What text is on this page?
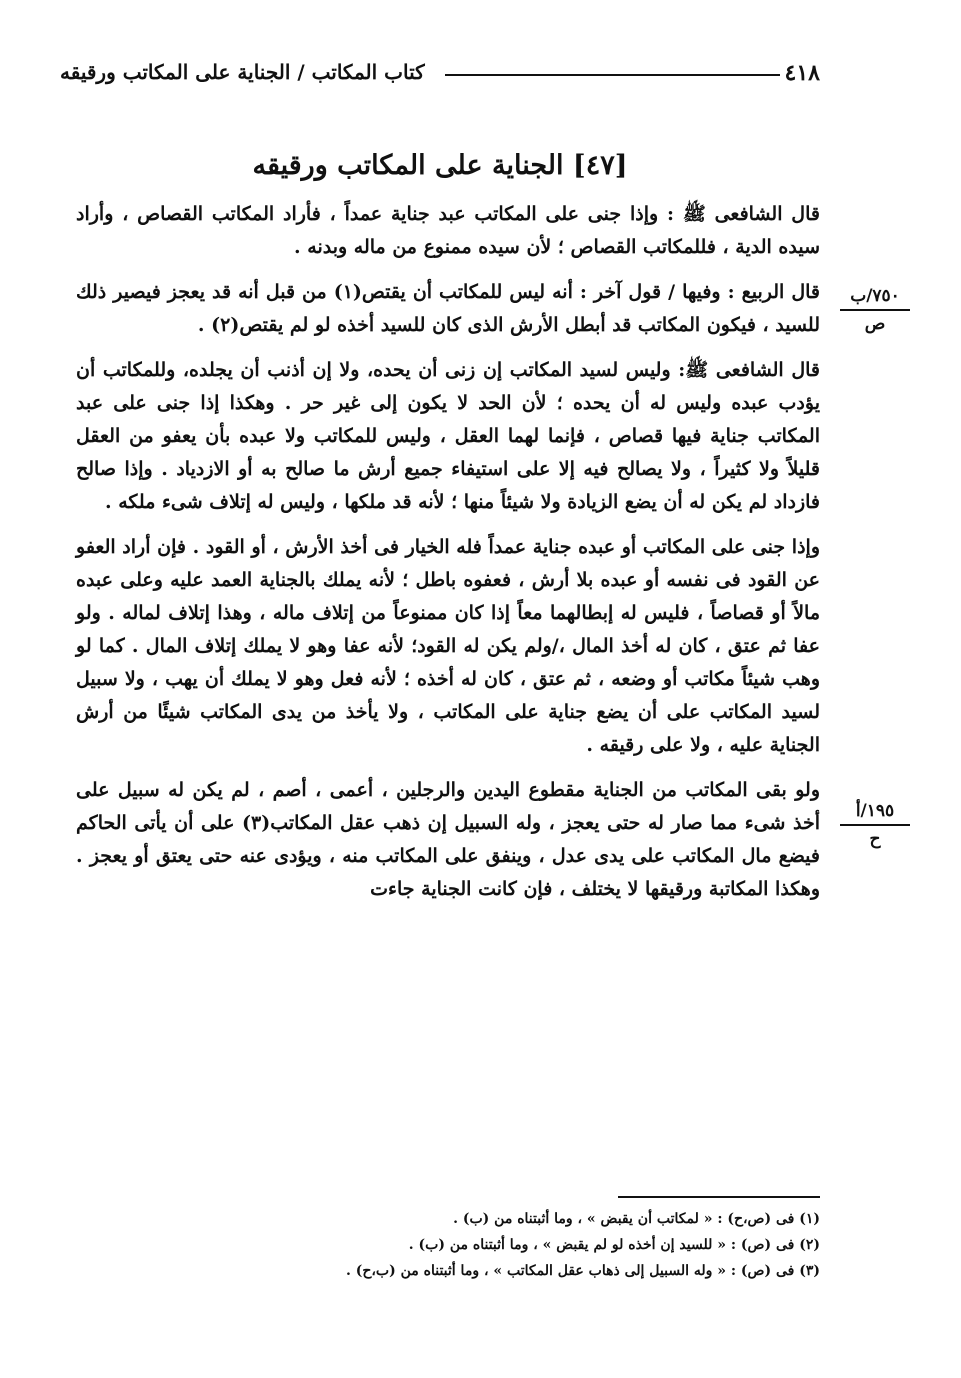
٤١٨
كتاب المكاتب / الجناية على المكاتب ورقيقه
[٤٧] الجناية على المكاتب ورقيقه

قال الشافعى ﷺ : وإذا جنى على المكاتب عبد جناية عمداً ، فأراد المكاتب القصاص ، وأراد سيده الدية ، فللمكاتب القصاص ؛ لأن سيده ممنوع من ماله وبدنه .

قال الربيع : وفيها / قول آخر : أنه ليس للمكاتب أن يقتص(١) من قبل أنه قد يعجز فيصير ذلك للسيد ، فيكون المكاتب قد أبطل الأرش الذى كان للسيد أخذه لو لم يقتص(٢) .

قال الشافعى ﷺ: وليس لسيد المكاتب إن زنى أن يحده، ولا إن أذنب أن يجلده، وللمكاتب أن يؤدب عبده وليس له أن يحده ؛ لأن الحد لا يكون إلى غير حر . وهكذا إذا جنى على عبد المكاتب جناية فيها قصاص ، فإنما لهما العقل ، وليس للمكاتب ولا عبده بأن يعفو من العقل قليلاً ولا كثيراً ، ولا يصالح فيه إلا على استيفاء جميع أرش ما صالح به أو الازدياد . وإذا صالح فازداد لم يكن له أن يضع الزيادة ولا شيئاً منها ؛ لأنه قد ملكها ، وليس له إتلاف شىء ملكه .

وإذا جنى على المكاتب أو عبده جناية عمداً فله الخيار فى أخذ الأرش ، أو القود . فإن أراد العفو عن القود فى نفسه أو عبده بلا أرش ، فعفوه باطل ؛ لأنه يملك بالجناية العمد عليه وعلى عبده مالاً أو قصاصاً ، فليس له إبطالهما معاً إذا كان ممنوعاً من إتلاف ماله ، وهذا إتلاف لماله . ولو عفا ثم عتق ، كان له أخذ المال ،/ولم يكن له القود؛ لأنه عفا وهو لا يملك إتلاف المال . كما لو وهب شيئاً مكاتب أو وضعه ، ثم عتق ، كان له أخذه ؛ لأنه فعل وهو لا يملك أن يهب ، ولا سبيل لسيد المكاتب على أن يضع جناية على المكاتب ، ولا يأخذ من يدى المكاتب شيئًا من أرش الجناية عليه ، ولا على رقيقه .

ولو بقى المكاتب من الجناية مقطوع اليدين والرجلين ، أعمى ، أصم ، لم يكن له سبيل على أخذ شىء مما صار له حتى يعجز ، وله السبيل إن ذهب عقل المكاتب(٣) على أن يأتى الحاكم فيضع مال المكاتب على يدى عدل ، وينفق على المكاتب منه ، ويؤدى عنه حتى يعتق أو يعجز . وهكذا المكاتبة ورقيقها لا يختلف ، فإن كانت الجناية جاءت

٧٥٠/ب
ص
١٩٥/أ
ح
(١) فى (ص،ح) : « لمكاتب أن يقبض » ، وما أثبتناه من (ب) .
(٢) فى (ص) : « للسيد إن أخذه لو لم يقبض » ، وما أثبتناه من (ب) .
(٣) فى (ص) : « وله السبيل إلى ذهاب عقل المكاتب » ، وما أثبتناه من (ب،ح) .
